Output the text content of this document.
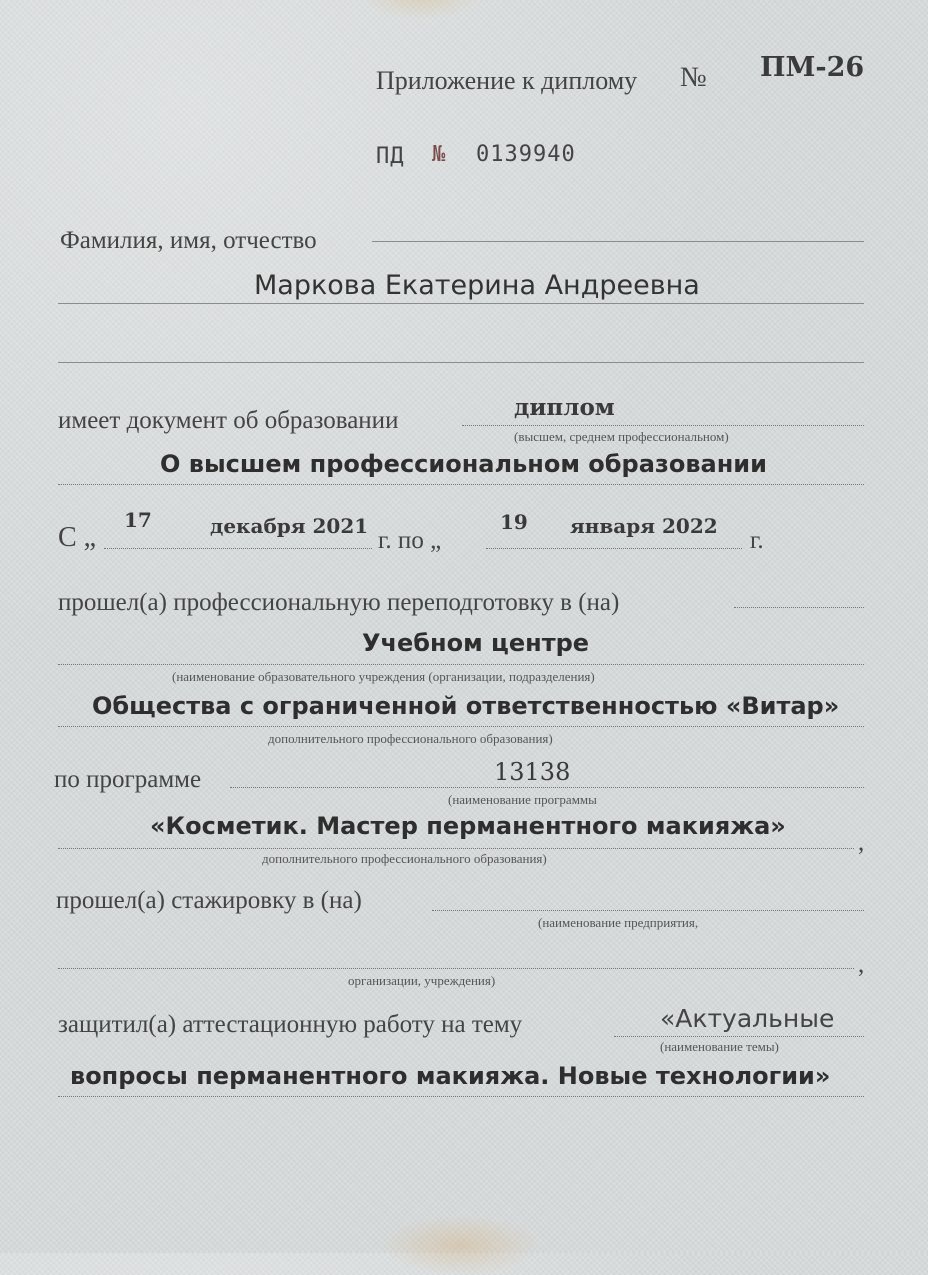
Приложение к диплому № ПМ-26
ПД № 0139940
Фамилия, имя, отчество
Маркова Екатерина Андреевна
имеет документ об образовании	диплом
(высшем, среднем профессиональном)
О высшем профессиональном образовании
С „
17	декабря 2021
г. по „
19 января 2022
г.
прошел(а) профессиональную переподготовку в (на)
Учебном центре
(наименование образовательного учреждения (организации, подразделения)
Общества с ограниченной ответственностью «Витар»
дополнительного профессионального образования)
по программе	13138
(наименование программы
«Косметик. Мастер перманентного макияжа»
,
дополнительного профессионального образования)
прошел(а) стажировку в (на)
(наименование предприятия,
,
организации, учреждения)
защитил(а) аттестационную работу на тему	«Актуальные
(наименование темы)
вопросы перманентного макияжа. Новые технологии»
